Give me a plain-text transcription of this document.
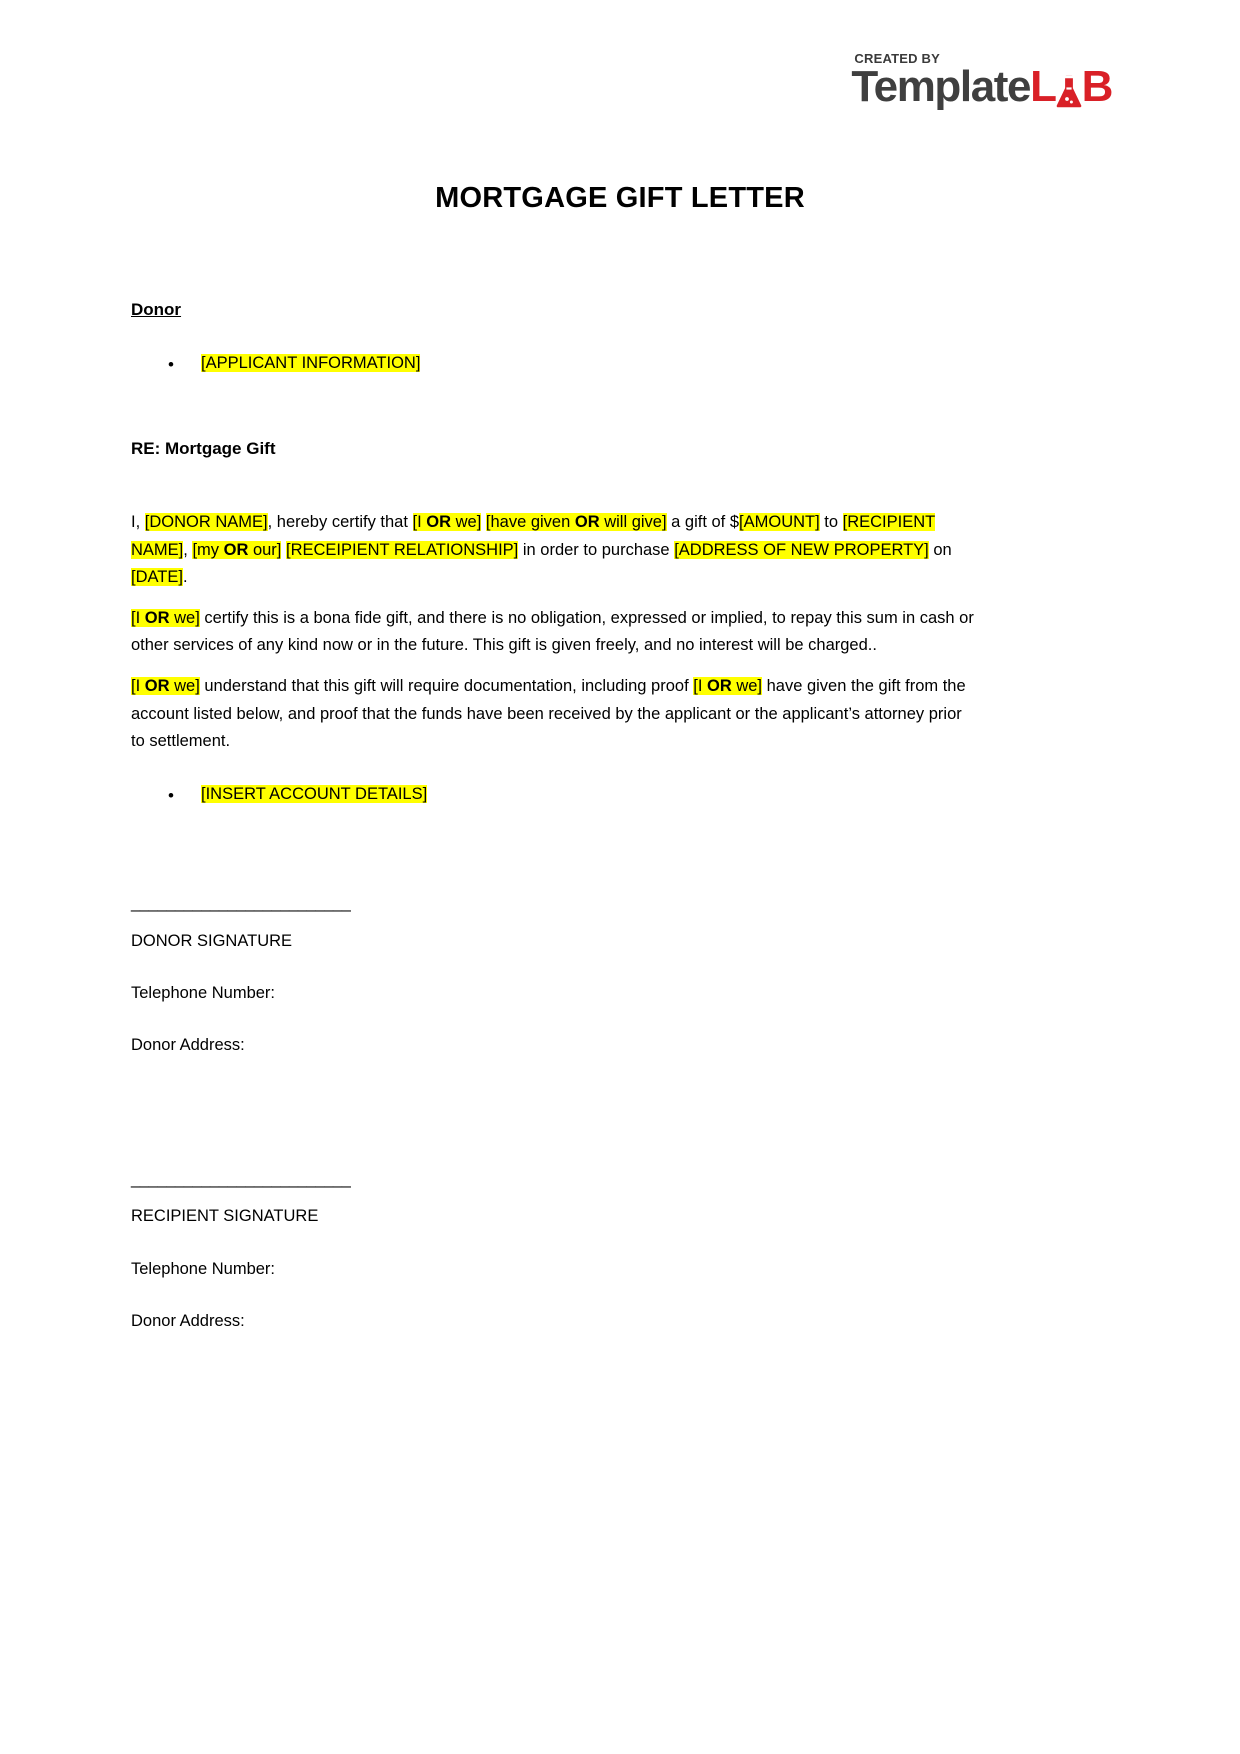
CREATED BY
Template L B
MORTGAGE GIFT LETTER

Donor

• [APPLICANT INFORMATION]

RE: Mortgage Gift

I, [DONOR NAME], hereby certify that [I OR we] [have given OR will give] a gift of $[AMOUNT] to [RECIPIENT NAME], [my OR our] [RECEIPIENT RELATIONSHIP] in order to purchase [ADDRESS OF NEW PROPERTY] on [DATE].

[I OR we] certify this is a bona fide gift, and there is no obligation, expressed or implied, to repay this sum in cash or other services of any kind now or in the future. This gift is given freely, and no interest will be charged..

[I OR we] understand that this gift will require documentation, including proof [I OR we] have given the gift from the account listed below, and proof that the funds have been received by the applicant or the applicant’s attorney prior to settlement.

• [INSERT ACCOUNT DETAILS]
_________________________
DONOR SIGNATURE
Telephone Number:
Donor Address:
_________________________
RECIPIENT SIGNATURE
Telephone Number:
Donor Address:
